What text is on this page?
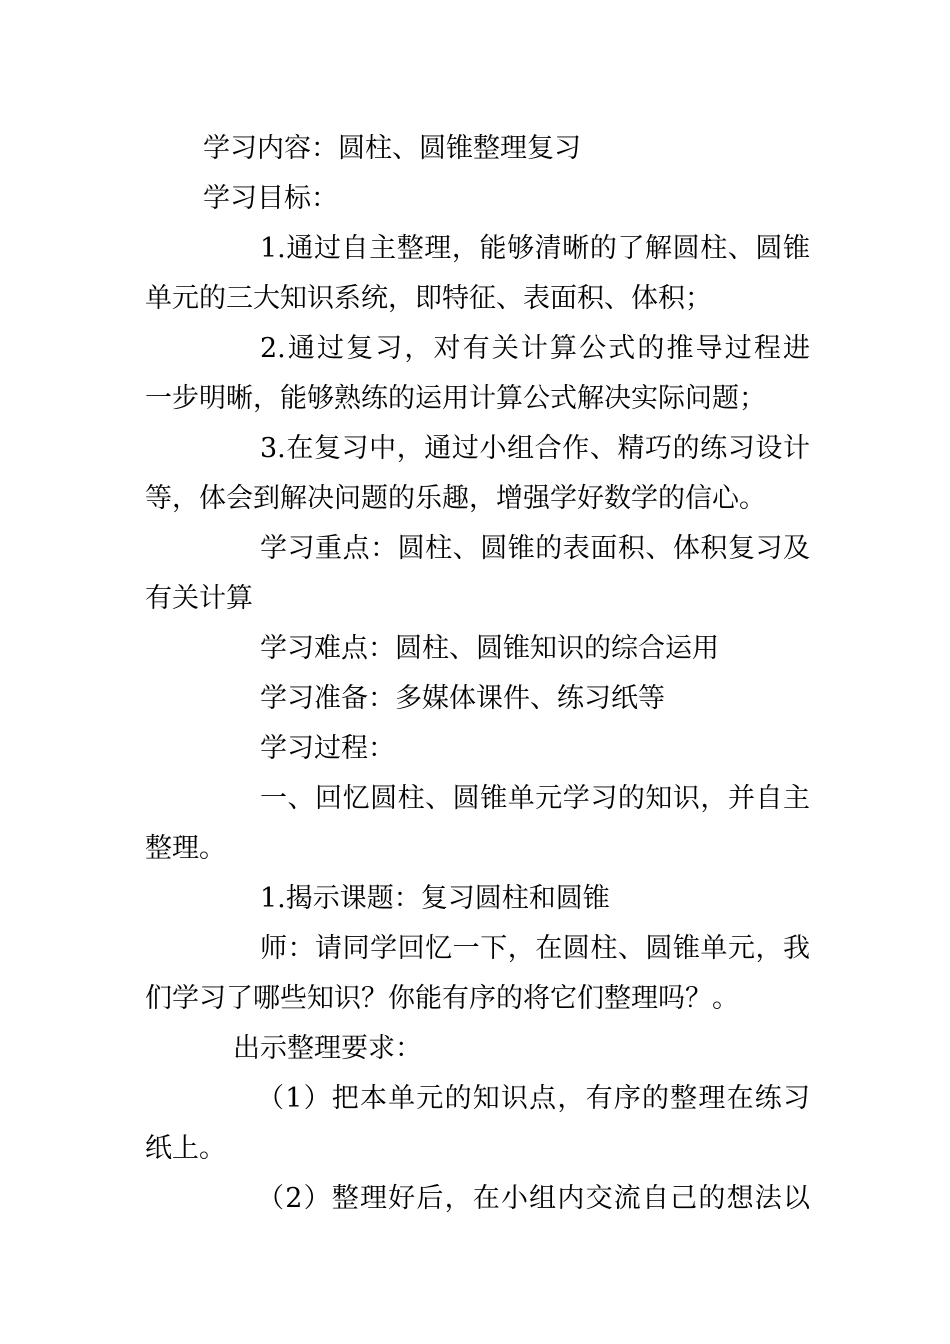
学习内容：圆柱、圆锥整理复习
学习目标：
1.通过自主整理，能够清晰的了解圆柱、圆锥
单元的三大知识系统，即特征、表面积、体积；
2.通过复习，对有关计算公式的推导过程进
一步明晰，能够熟练的运用计算公式解决实际问题；
3.在复习中，通过小组合作、精巧的练习设计
等，体会到解决问题的乐趣，增强学好数学的信心。
学习重点：圆柱、圆锥的表面积、体积复习及
有关计算
学习难点：圆柱、圆锥知识的综合运用
学习准备：多媒体课件、练习纸等
学习过程：
一、回忆圆柱、圆锥单元学习的知识，并自主
整理。
1.揭示课题：复习圆柱和圆锥
师：请同学回忆一下，在圆柱、圆锥单元，我
们学习了哪些知识？你能有序的将它们整理吗？。
出示整理要求：
（1）把本单元的知识点，有序的整理在练习
纸上。
（2）整理好后，在小组内交流自己的想法以
